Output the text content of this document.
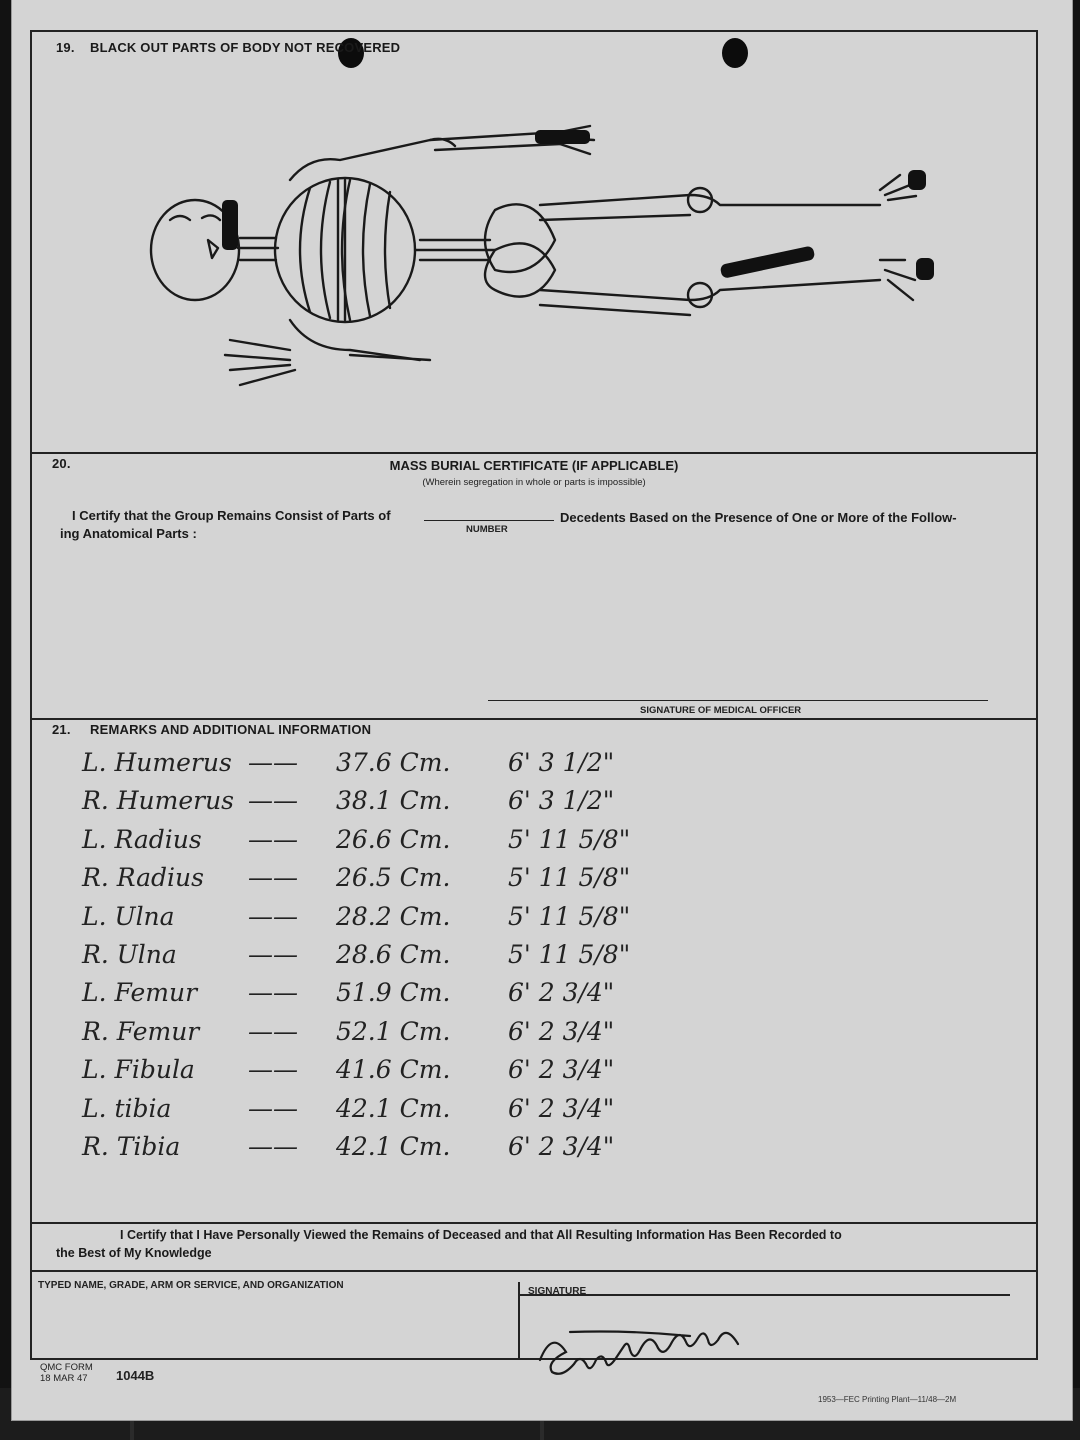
19. BLACK OUT PARTS OF BODY NOT RECOVERED
20.	MASS BURIAL CERTIFICATE (IF APPLICABLE)
(Wherein segregation in whole or parts is impossible)
I Certify that the Group Remains Consist of Parts of
NUMBER
Decedents Based on the Presence of One or More of the Follow-
ing Anatomical Parts :
SIGNATURE OF MEDICAL OFFICER
21. REMARKS AND ADDITIONAL INFORMATION
L. Humerus —— 37.6 Cm. 6' 3 1/2"
R. Humerus —— 38.1 Cm. 6' 3 1/2"
L. Radius —— 26.6 Cm. 5' 11 5/8"
R. Radius —— 26.5 Cm. 5' 11 5/8"
L. Ulna	—— 28.2 Cm. 5' 11 5/8"
R. Ulna	—— 28.6 Cm. 5' 11 5/8"
L. Femur —— 51.9 Cm. 6' 2 3/4"
R. Femur —— 52.1 Cm. 6' 2 3/4"
L. Fibula —— 41.6 Cm. 6' 2 3/4"
L. tibia	—— 42.1 Cm. 6' 2 3/4"
R. Tibia	—— 42.1 Cm. 6' 2 3/4"
I Certify that I Have Personally Viewed the Remains of Deceased and that All Resulting Information Has Been Recorded to
the Best of My Knowledge
TYPED NAME, GRADE, ARM OR SERVICE, AND ORGANIZATION
SIGNATURE
QMC FORM
18 MAR 47 1044B
1953—FEC Printing Plant—11/48—2M
